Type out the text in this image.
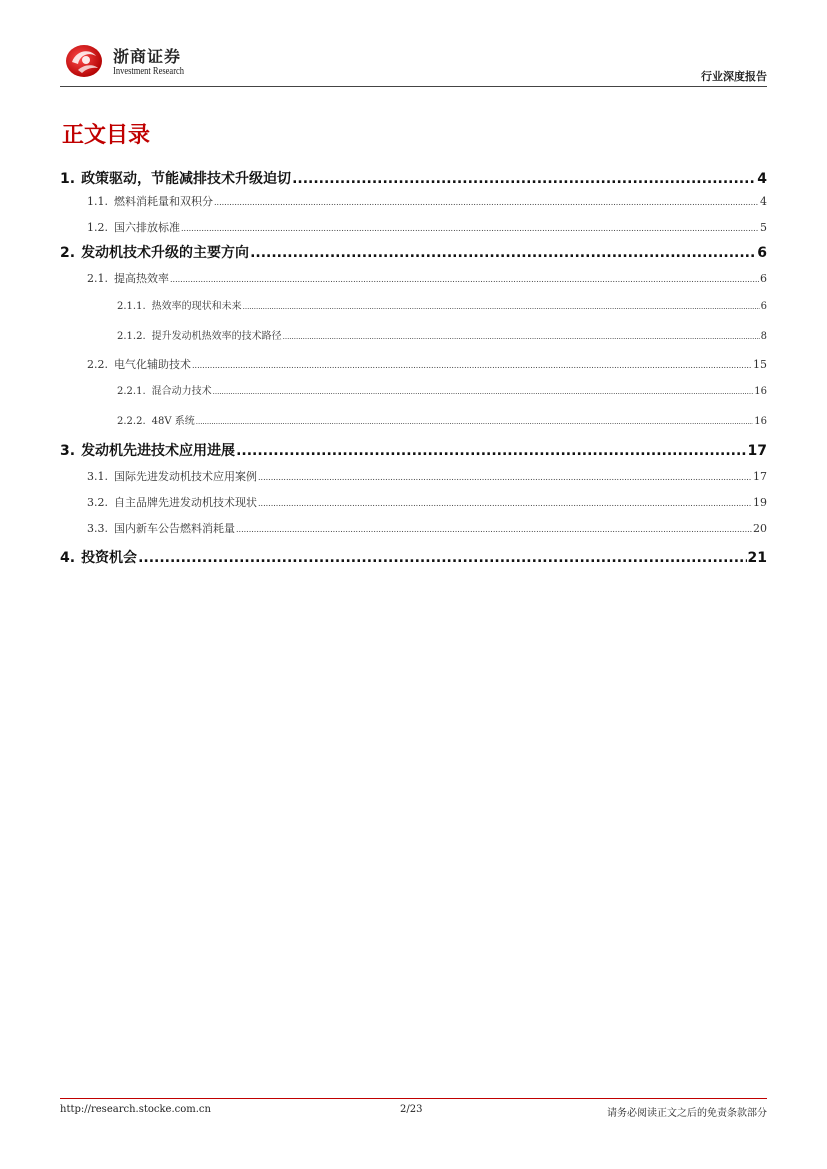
浙商证券
Investment Research	行业深度报告
正文目录
1. 政策驱动，节能减排技术升级迫切 .....	4
1.1. 燃料消耗量和双积分 .....	4
1.2. 国六排放标准 .....	5
2. 发动机技术升级的主要方向 .....	6
2.1. 提高热效率 .....	6
2.1.1. 热效率的现状和未来 .....	6
2.1.2. 提升发动机热效率的技术路径 .....	8
2.2. 电气化辅助技术 .....	15
2.2.1. 混合动力技术 .....	16
2.2.2. 48V 系统 .....	16
3. 发动机先进技术应用进展 .....	17
3.1. 国际先进发动机技术应用案例 .....	17
3.2. 自主品牌先进发动机技术现状 .....	19
3.3. 国内新车公告燃料消耗量 .....	20
4. 投资机会 .....	21
http://research.stocke.com.cn	2/23	请务必阅读正文之后的免责条款部分
